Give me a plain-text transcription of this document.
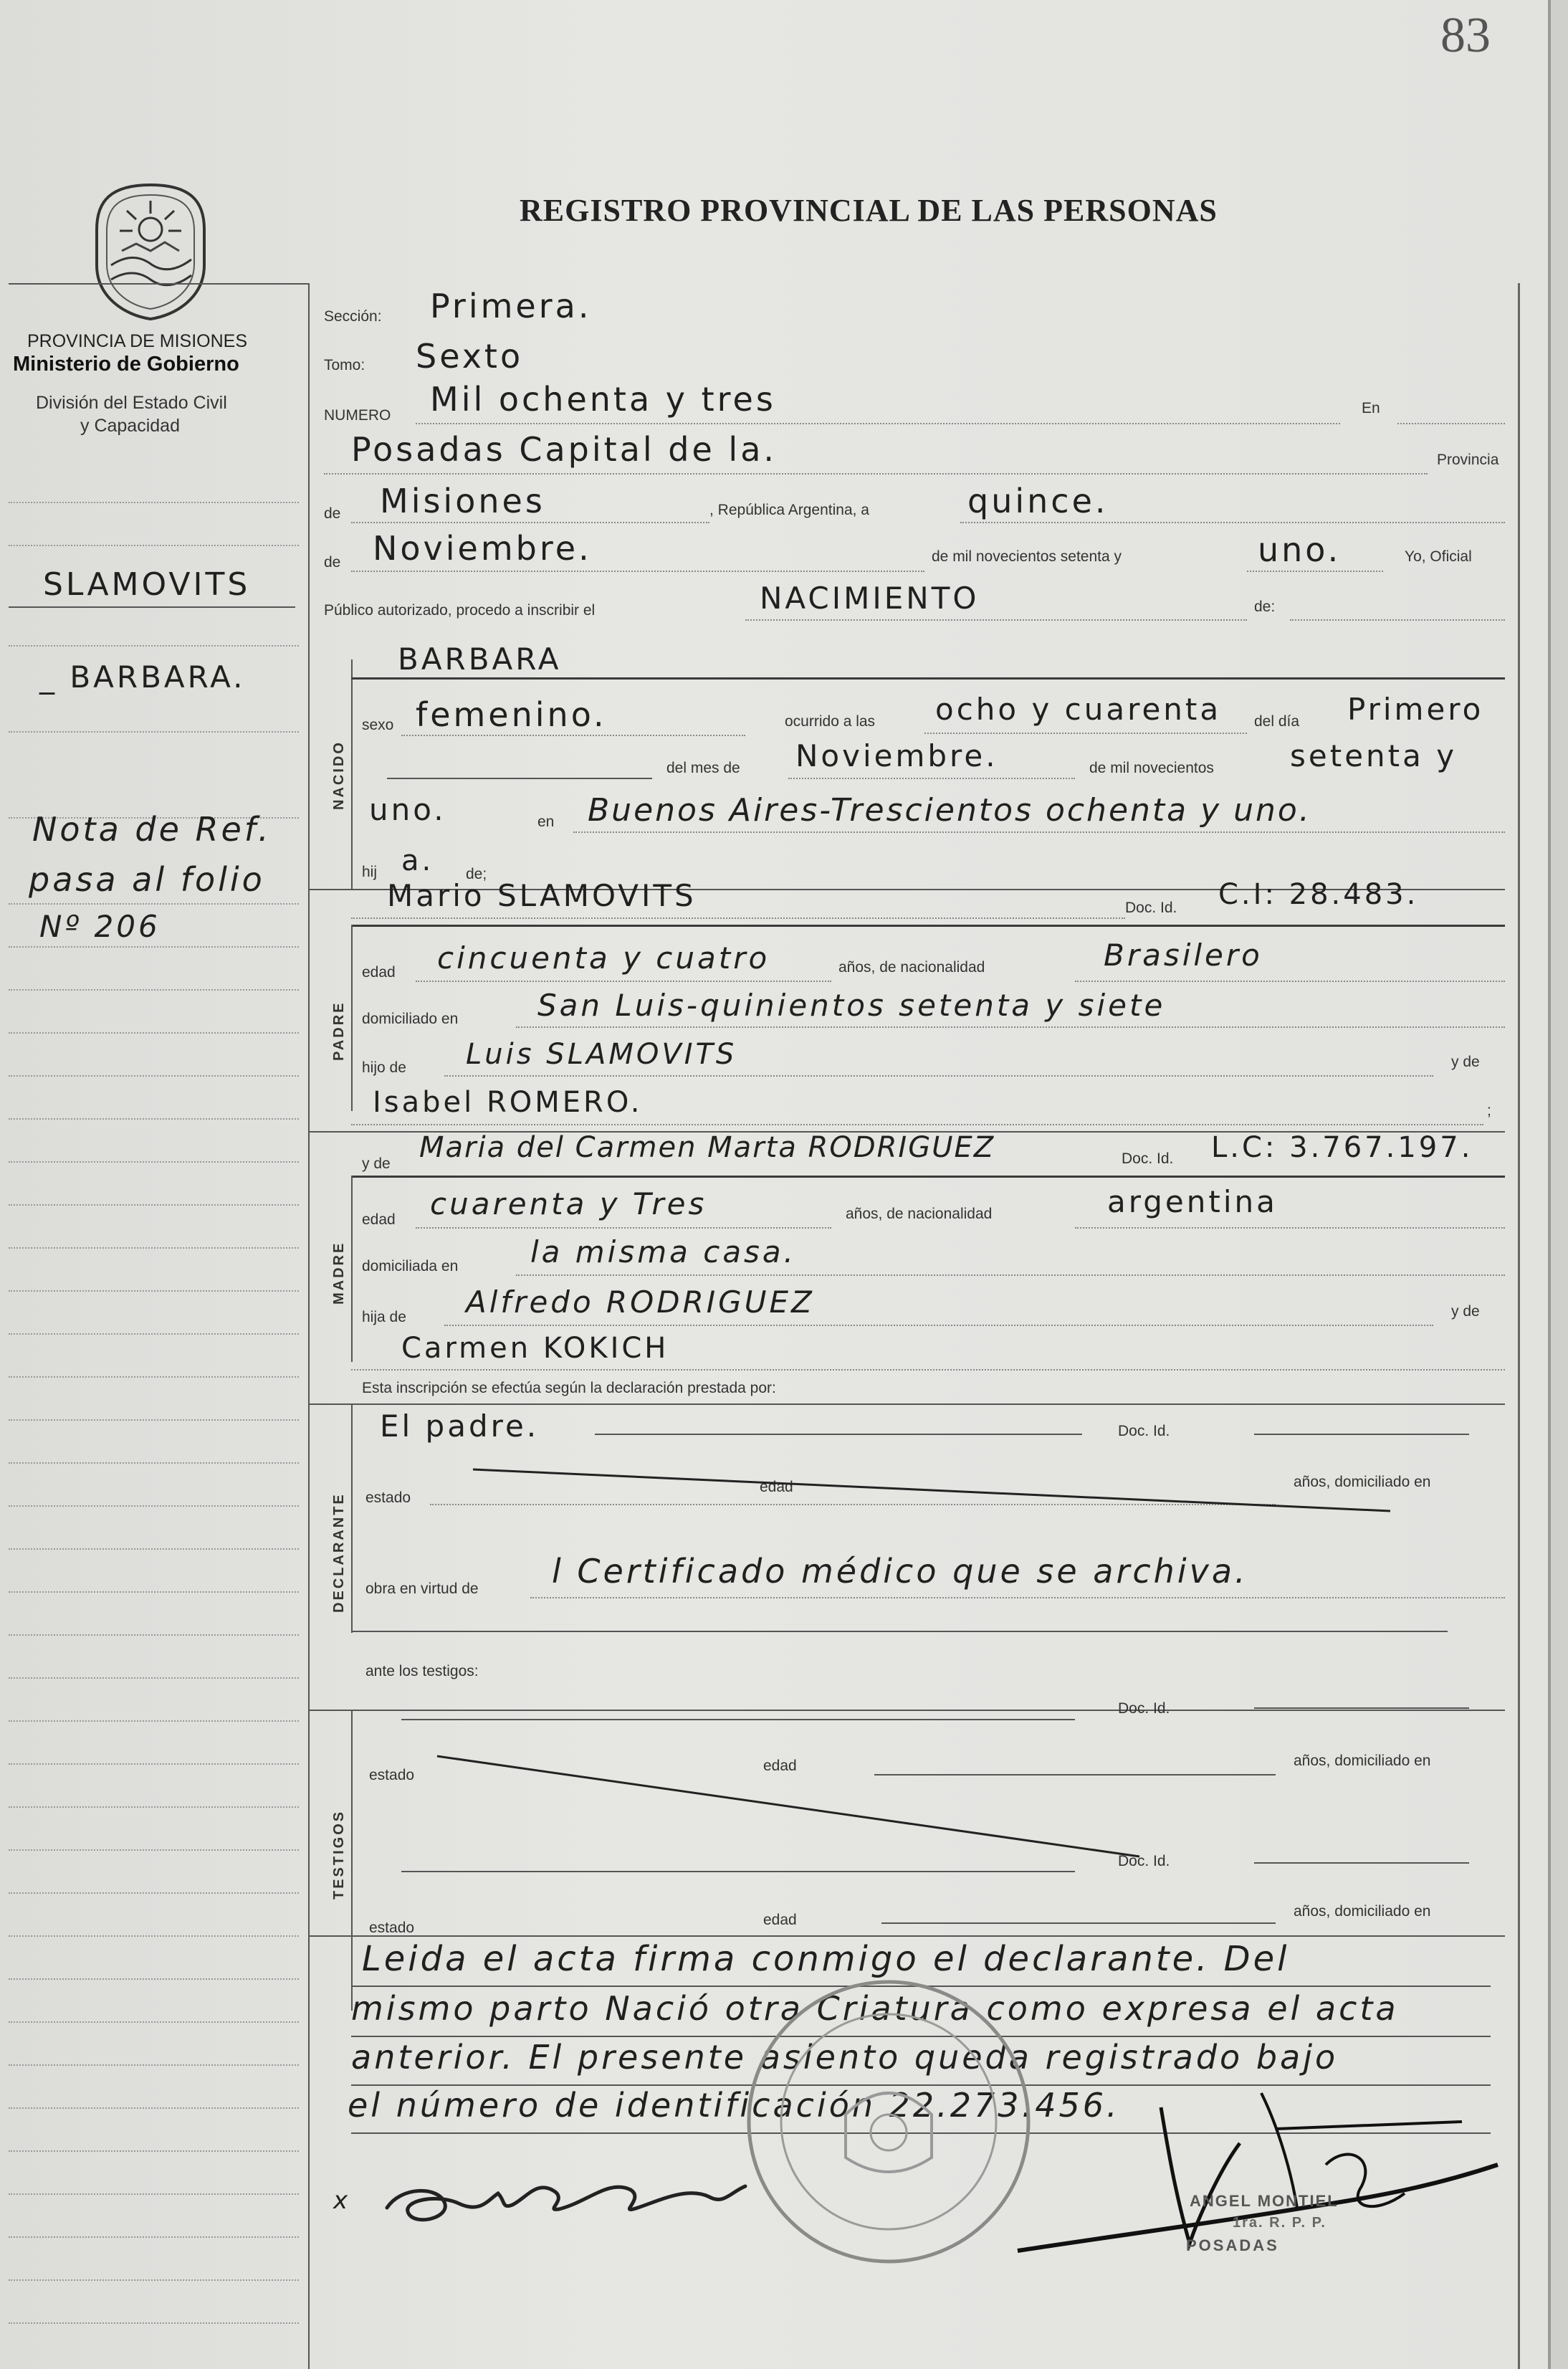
83
REGISTRO PROVINCIAL DE LAS PERSONAS
PROVINCIA DE MISIONES
Ministerio de Gobierno
División del Estado Civil
y Capacidad
SLAMOVITS
_ BARBARA.
Nota de Ref.
pasa al folio
Nº 206
Sección: Primera.
Tomo: Sexto
NUMERO Mil ochenta y tres	En
Posadas Capital de la.	Provincia
de Misiones	, República Argentina, a	quince.
de Noviembre.	de mil novecientos setenta y	uno.	Yo, Oficial
Público autorizado, procedo a inscribir el	NACIMIENTO	de:
NACIDO
BARBARA
sexo femenino.	ocurrido a las ocho y cuarenta del día Primero
del mes de Noviembre.	de mil novecientos	setenta y
uno.	en Buenos Aires-Trescientos ochenta y uno.
hij a. de;
Mario SLAMOVITS	Doc. Id. C.I: 28.483.
PADRE
edad cincuenta y cuatro	años, de nacionalidad	Brasilero
domiciliado en	San Luis-quinientos setenta y siete
hijo de Luis SLAMOVITS	y de
Isabel ROMERO.	;
y de Maria del Carmen Marta RODRIGUEZ	Doc. Id. L.C: 3.767.197.
MADRE
edad cuarenta y Tres	años, de nacionalidad	argentina
domiciliada en la misma casa.
hija de Alfredo RODRIGUEZ	y de
Carmen KOKICH
Esta inscripción se efectúa según la declaración prestada por:
DECLARANTE
El padre.	Doc. Id.
estado
edad	años, domiciliado en
obra en virtud de l Certificado médico que se archiva.
ante los testigos:
TESTIGOS
Doc. Id.
estado
edad	años, domiciliado en
Doc. Id.
estado	edad
años, domiciliado en
Leida el acta firma conmigo el declarante. Del
mismo parto Nació otra Criatura como expresa el acta
anterior. El presente asiento queda registrado bajo
el número de identificación 22.273.456.
x	ANGEL MONTIEL
1ra. R. P. P.
POSADAS
